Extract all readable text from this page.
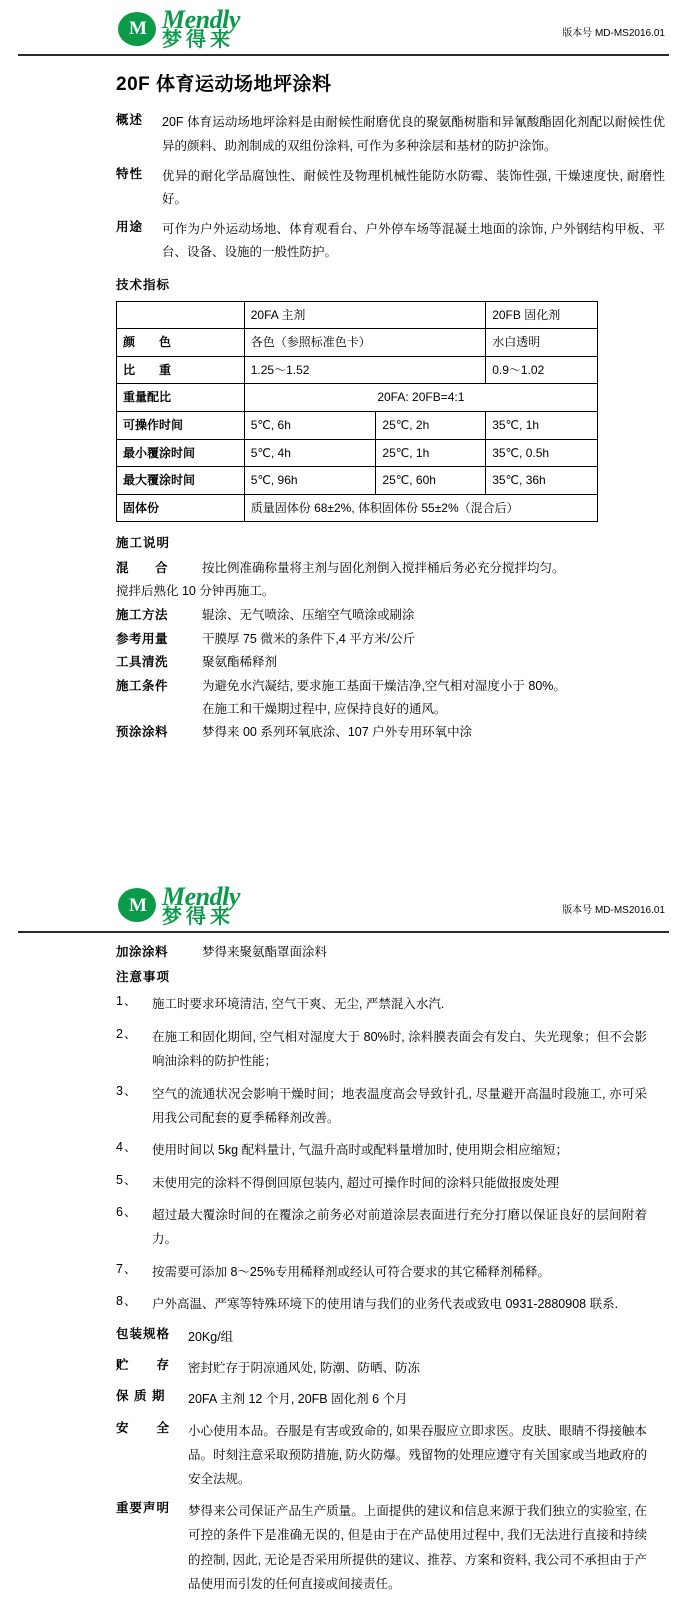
M Mendly
梦得来	版本号 MD-MS2016.01
20F 体育运动场地坪涂料
概述	20F 体育运动场地坪涂料是由耐候性耐磨优良的聚氨酯树脂和异氰酸酯固化剂配以耐候性优异的颜料、助剂制成的双组份涂料, 可作为多种涂层和基材的防护涂饰。
特性	优异的耐化学品腐蚀性、耐候性及物理机械性能防水防霉、装饰性强, 干燥速度快, 耐磨性好。
用途	可作为户外运动场地、体育观看台、户外停车场等混凝土地面的涂饰, 户外钢结构甲板、平台、设备、设施的一般性防护。
技术指标
	20FA 主剂		20FB 固化剂
颜　　色	各色（参照标准色卡）		水白透明
比　　重	1.25～1.52		0.9～1.02
重量配比	20FA: 20FB=4:1		
可操作时间	5℃, 6h	25℃, 2h	35℃, 1h
最小覆涂时间	5℃, 4h	25℃, 1h	35℃, 0.5h
最大覆涂时间	5℃, 96h	25℃, 60h	35℃, 36h
固体份	质量固体份 68±2%, 体积固体份 55±2%（混合后）		
施工说明
混　　合	按比例准确称量将主剂与固化剂倒入搅拌桶后务必充分搅拌均匀。
搅拌后熟化 10 分钟再施工。
施工方法	辊涂、无气喷涂、压缩空气喷涂或刷涂
参考用量	干膜厚 75 微米的条件下,4 平方米/公斤
工具清洗	聚氨酯稀释剂
施工条件	为避免水汽凝结, 要求施工基面干燥洁净,空气相对湿度小于 80%。
在施工和干燥期过程中, 应保持良好的通风。
预涂涂料	梦得来 00 系列环氧底涂、107 户外专用环氧中涂
M Mendly
梦得来	版本号 MD-MS2016.01
加涂涂料	梦得来聚氨酯罩面涂料
注意事项
1、	施工时要求环境清洁, 空气干爽、无尘, 严禁混入水汽.
2、	在施工和固化期间, 空气相对湿度大于 80%时, 涂料膜表面会有发白、失光现象；但不会影响油涂料的防护性能；
3、	空气的流通状况会影响干燥时间；地表温度高会导致针孔, 尽量避开高温时段施工, 亦可采用我公司配套的夏季稀释剂改善。
4、	使用时间以 5kg 配料量计, 气温升高时或配料量增加时, 使用期会相应缩短；
5、	未使用完的涂料不得倒回原包装内, 超过可操作时间的涂料只能做报废处理
6、	超过最大覆涂时间的在覆涂之前务必对前道涂层表面进行充分打磨以保证良好的层间附着力。
7、	按需要可添加 8～25%专用稀释剂或经认可符合要求的其它稀释剂稀释。
8、	户外高温、严寒等特殊环境下的使用请与我们的业务代表或致电 0931-2880908 联系.
包装规格	20Kg/组
贮　　存	密封贮存于阴凉通风处, 防潮、防晒、防冻
保 质 期	20FA 主剂 12 个月, 20FB 固化剂 6 个月
安　　全	小心使用本品。吞服是有害或致命的, 如果吞服应立即求医。皮肤、眼睛不得接触本品。时刻注意采取预防措施, 防火防爆。残留物的处理应遵守有关国家或当地政府的安全法规。
重要声明	梦得来公司保证产品生产质量。上面提供的建议和信息来源于我们独立的实验室, 在可控的条件下是准确无误的, 但是由于在产品使用过程中, 我们无法进行直接和持续的控制, 因此, 无论是否采用所提供的建议、推荐、方案和资料, 我公司不承担由于产品使用而引发的任何直接或间接责任。
